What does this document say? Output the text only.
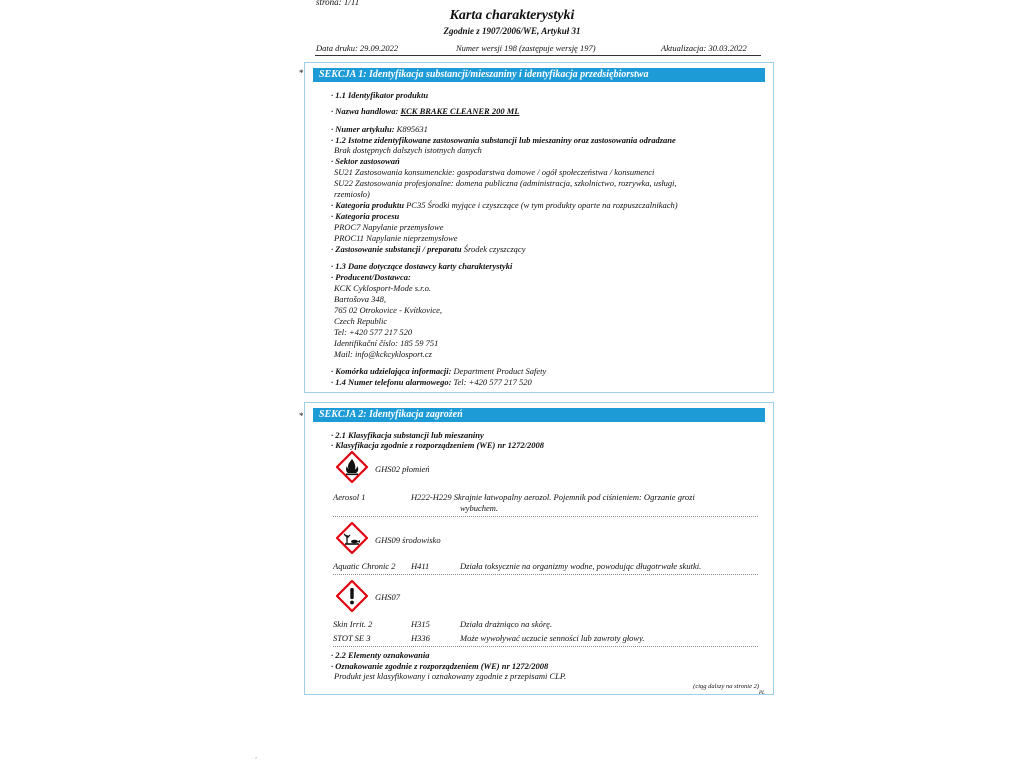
strona: 1/11
Karta charakterystyki
Zgodnie z 1907/2006/WE, Artykuł 31
Data druku: 29.09.2022	Numer wersji 198 (zastępuje wersję 197)	Aktualizacja: 30.03.2022
*	SEKCJA 1: Identyfikacja substancji/mieszaniny i identyfikacja przedsiębiorstwa
· 1.1 Identyfikator produktu
· Nazwa handlowa: KCK BRAKE CLEANER 200 ML
· Numer artykułu: K895631
· 1.2 Istotne zidentyfikowane zastosowania substancji lub mieszaniny oraz zastosowania odradzane
Brak dostępnych dalszych istotnych danych
· Sektor zastosowań
SU21 Zastosowania konsumenckie: gospodarstwa domowe / ogół społeczeństwa / konsumenci
SU22 Zastosowania profesjonalne: domena publiczna (administracja, szkolnictwo, rozrywka, usługi,
rzemiosło)
· Kategoria produktu PC35 Środki myjące i czyszczące (w tym produkty oparte na rozpuszczalnikach)
· Kategoria procesu
PROC7 Napylanie przemysłowe
PROC11 Napylanie nieprzemysłowe
· Zastosowanie substancji / preparatu Środek czyszczący
· 1.3 Dane dotyczące dostawcy karty charakterystyki
· Producent/Dostawca:
KCK Cyklosport-Mode s.r.o.
Bartošova 348,
765 02 Otrokovice - Kvítkovice,
Czech Republic
Tel: +420 577 217 520
Identifikační číslo: 185 59 751
Mail: info@kckcyklosport.cz
· Komórka udzielająca informacji: Department Product Safety
· 1.4 Numer telefonu alarmowego: Tel: +420 577 217 520
*	SEKCJA 2: Identyfikacja zagrożeń
· 2.1 Klasyfikacja substancji lub mieszaniny
· Klasyfikacja zgodnie z rozporządzeniem (WE) nr 1272/2008
GHS02 płomień
Aerosol 1	H222-H229 Skrajnie łatwopalny aerozol. Pojemnik pod ciśnieniem: Ogrzanie grozi
wybuchem.
GHS09 środowisko
Aquatic Chronic 2 H411	Działa toksycznie na organizmy wodne, powodując długotrwałe skutki.
GHS07
Skin Irrit. 2	H315	Działa drażniąco na skórę.
STOT SE 3	H336	Może wywoływać uczucie senności lub zawroty głowy.
· 2.2 Elementy oznakowania
· Oznakowanie zgodnie z rozporządzeniem (WE) nr 1272/2008
Produkt jest klasyfikowany i oznakowany zgodnie z przepisami CLP.
(ciąg dalszy na stronie 2)
PL
´
